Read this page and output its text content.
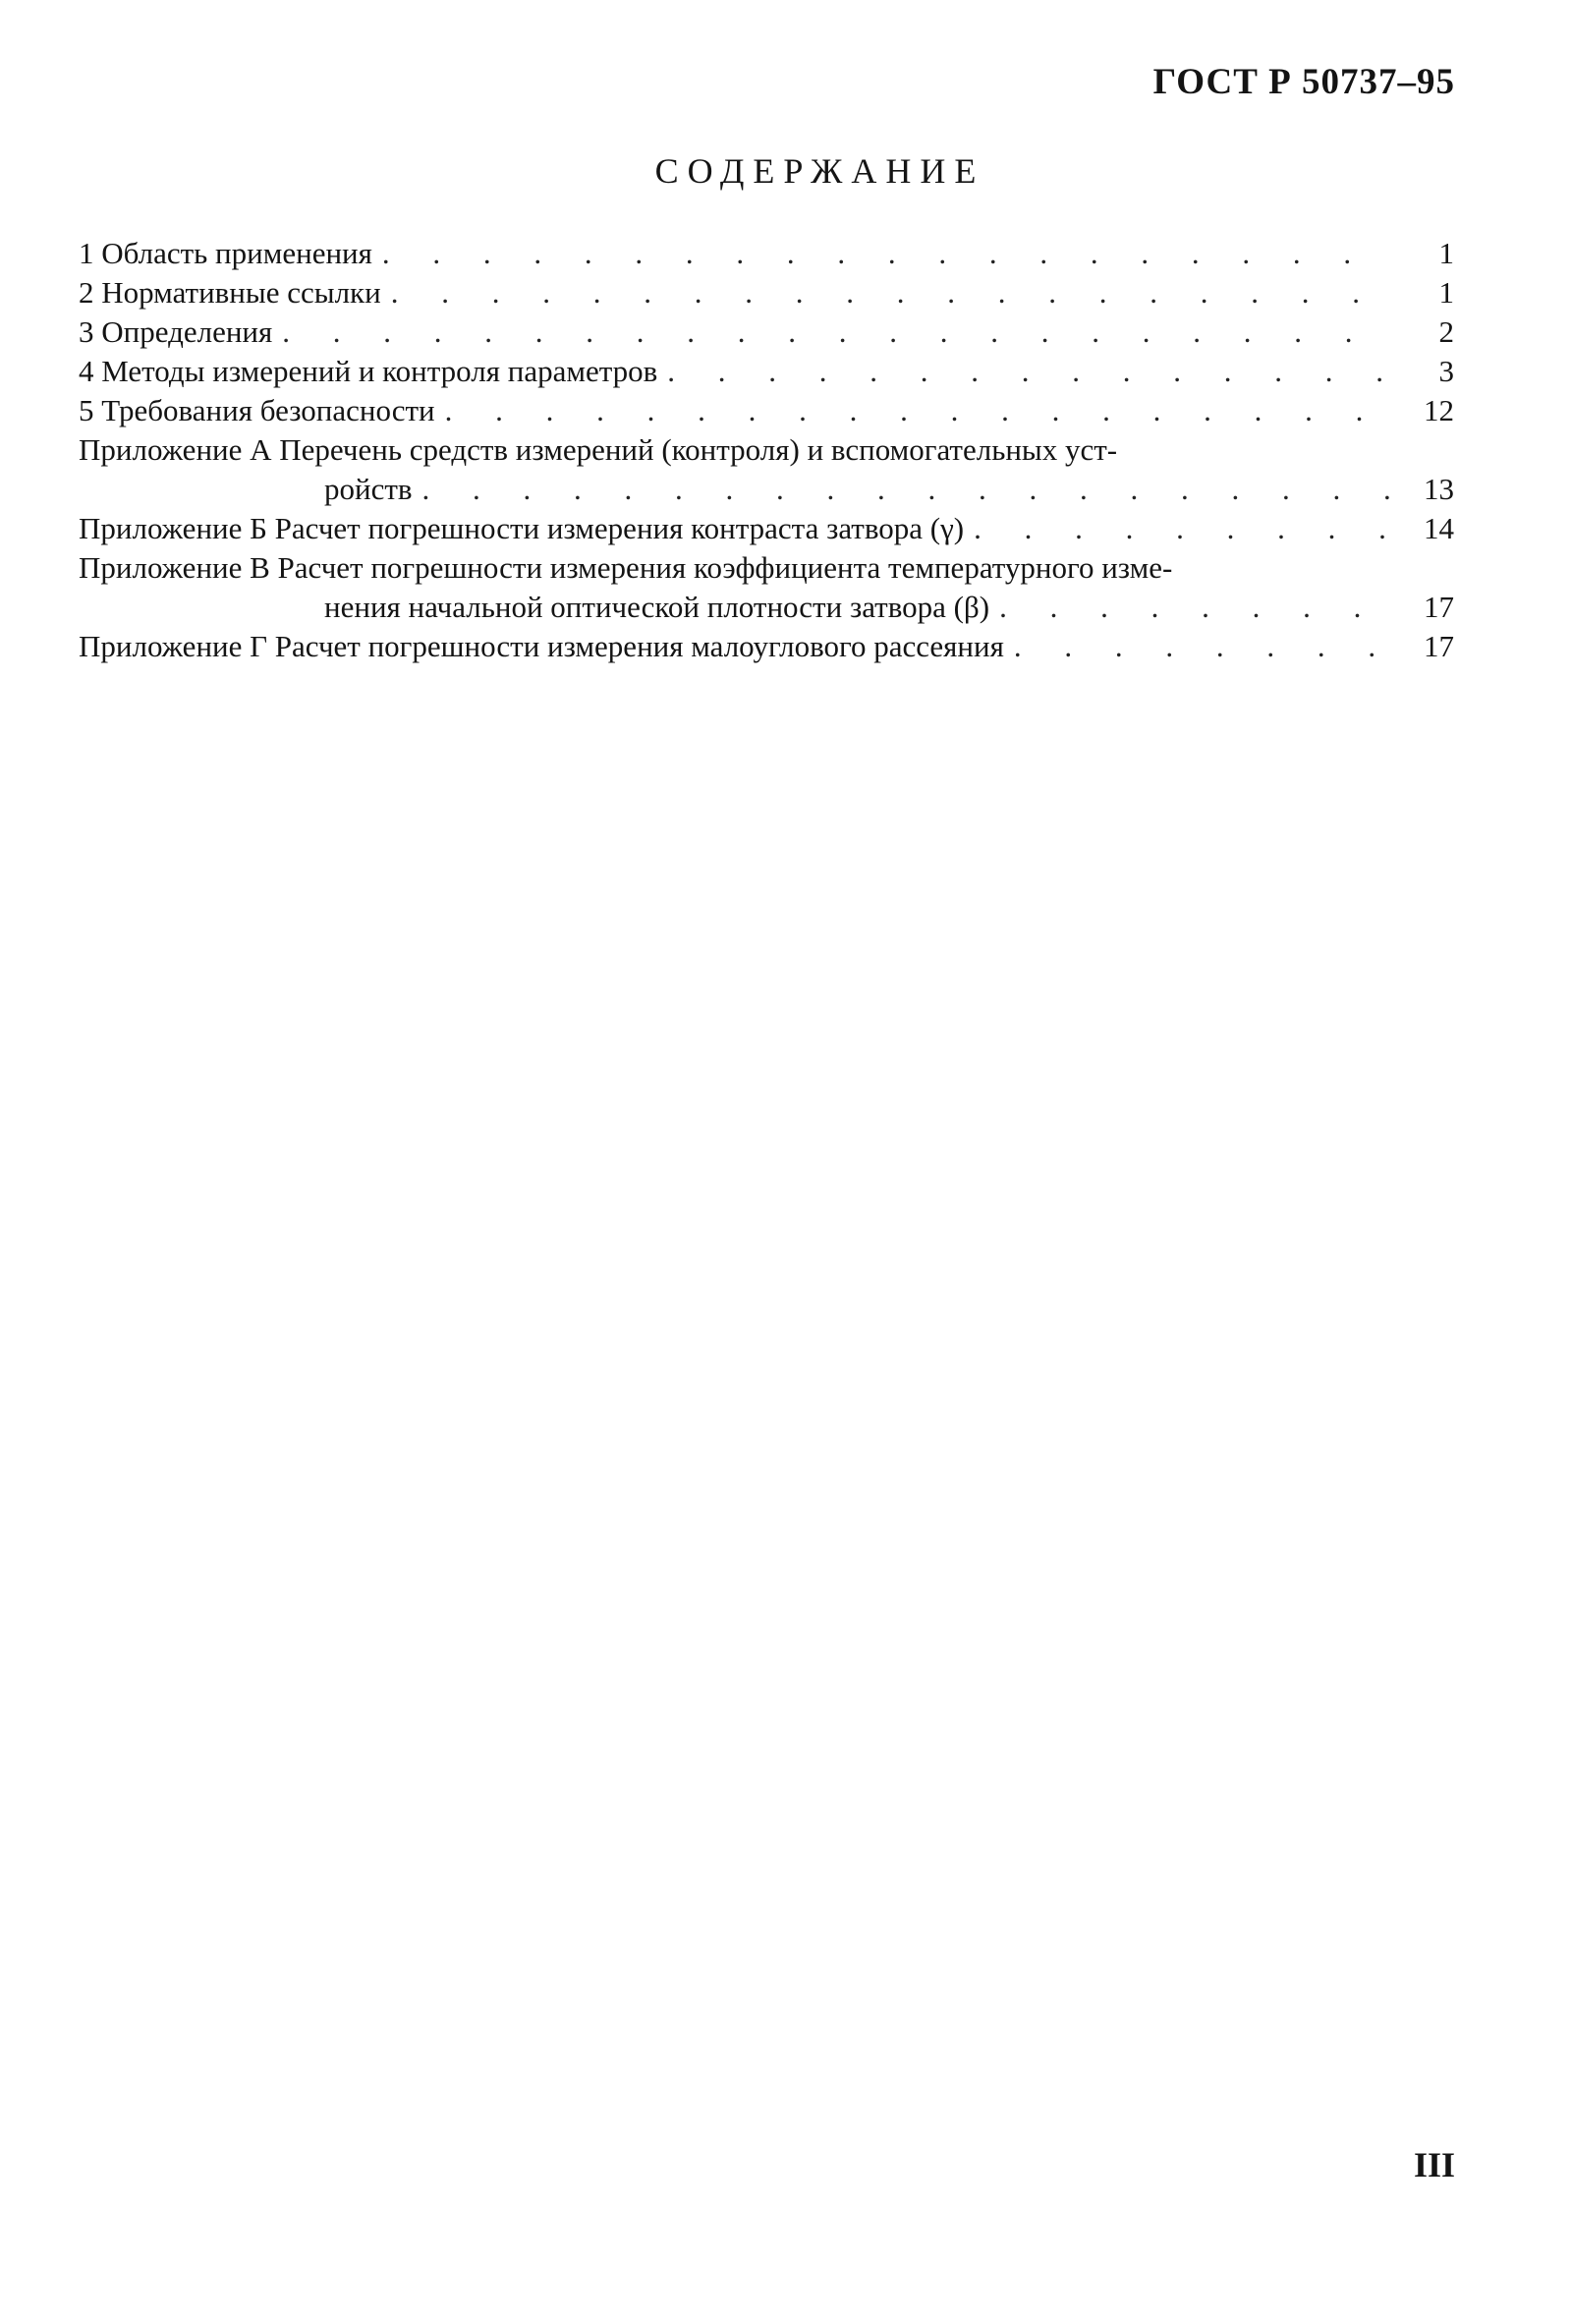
ГОСТ Р 50737–95
СОДЕРЖАНИЕ
1 Область применения . . .	1
2 Нормативные ссылки . . .	1
3 Определения . . .	2
4 Методы измерений и контроля параметров . . .	3
5 Требования безопасности . . .	12
Приложение А Перечень средств измерений (контроля) и вспомогательных уст-
ройств . . .	13
Приложение Б Расчет погрешности измерения контраста затвора (γ) . . .	14
Приложение В Расчет погрешности измерения коэффициента температурного изме-
нения начальной оптической плотности затвора (β) . . .	17
Приложение Г Расчет погрешности измерения малоуглового рассеяния . . .	17
III
